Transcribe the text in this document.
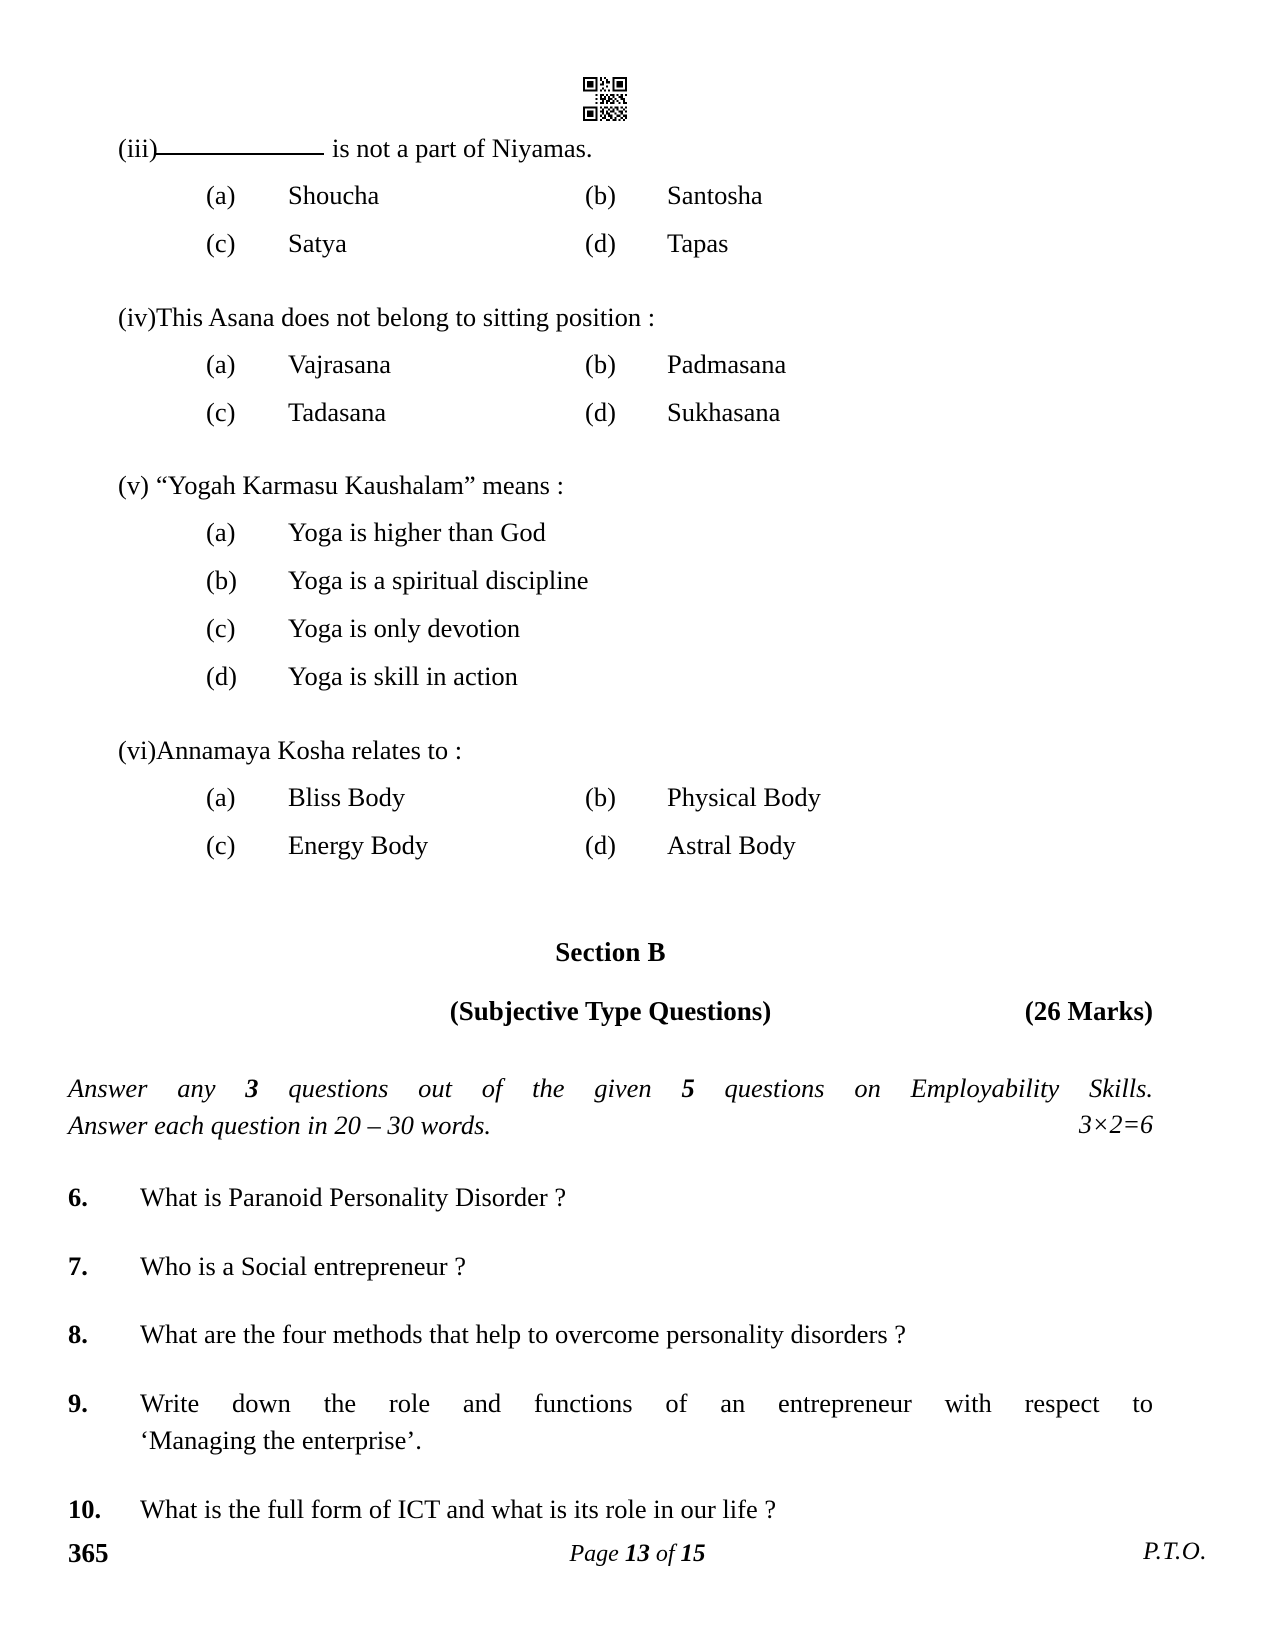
(iii)	is not a part of Niyamas.
(a)	Shoucha	(b)	Santosha
(c)	Satya	(d)	Tapas
(iv) This Asana does not belong to sitting position :
(a)	Vajrasana	(b)	Padmasana
(c)	Tadasana	(d)	Sukhasana
(v) “Yogah Karmasu Kaushalam” means :
(a)	Yoga is higher than God
(b)	Yoga is a spiritual discipline
(c)	Yoga is only devotion
(d)	Yoga is skill in action
(vi) Annamaya Kosha relates to :
(a)	Bliss Body	(b)	Physical Body
(c)	Energy Body	(d)	Astral Body
Section B
(Subjective Type Questions)	(26 Marks)
Answer any 3 questions out of the given 5 questions on Employability Skills.
Answer each question in 20 – 30 words.	3×2=6
6.	What is Paranoid Personality Disorder ?
7.	Who is a Social entrepreneur ?
8.	What are the four methods that help to overcome personality disorders ?
9.	Write down the role and functions of an entrepreneur with respect to
‘Managing the enterprise’.
10.	What is the full form of ICT and what is its role in our life ?
365	Page 13 of 15	P.T.O.
